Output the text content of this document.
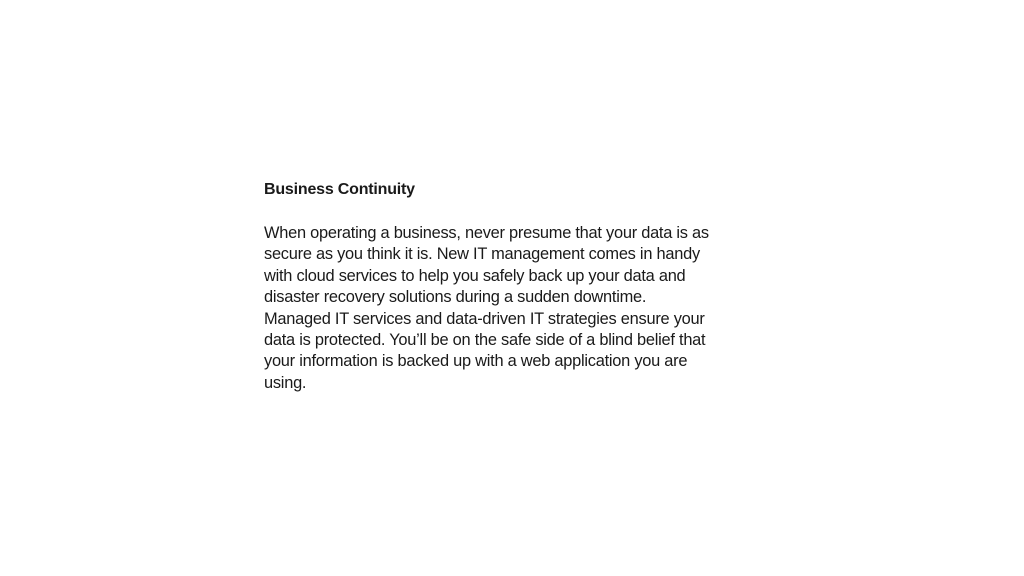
Business Continuity

When operating a business, never presume that your data is as
secure as you think it is. New IT management comes in handy
with cloud services to help you safely back up your data and
disaster recovery solutions during a sudden downtime.
Managed IT services and data-driven IT strategies ensure your
data is protected. You’ll be on the safe side of a blind belief that
your information is backed up with a web application you are
using.
